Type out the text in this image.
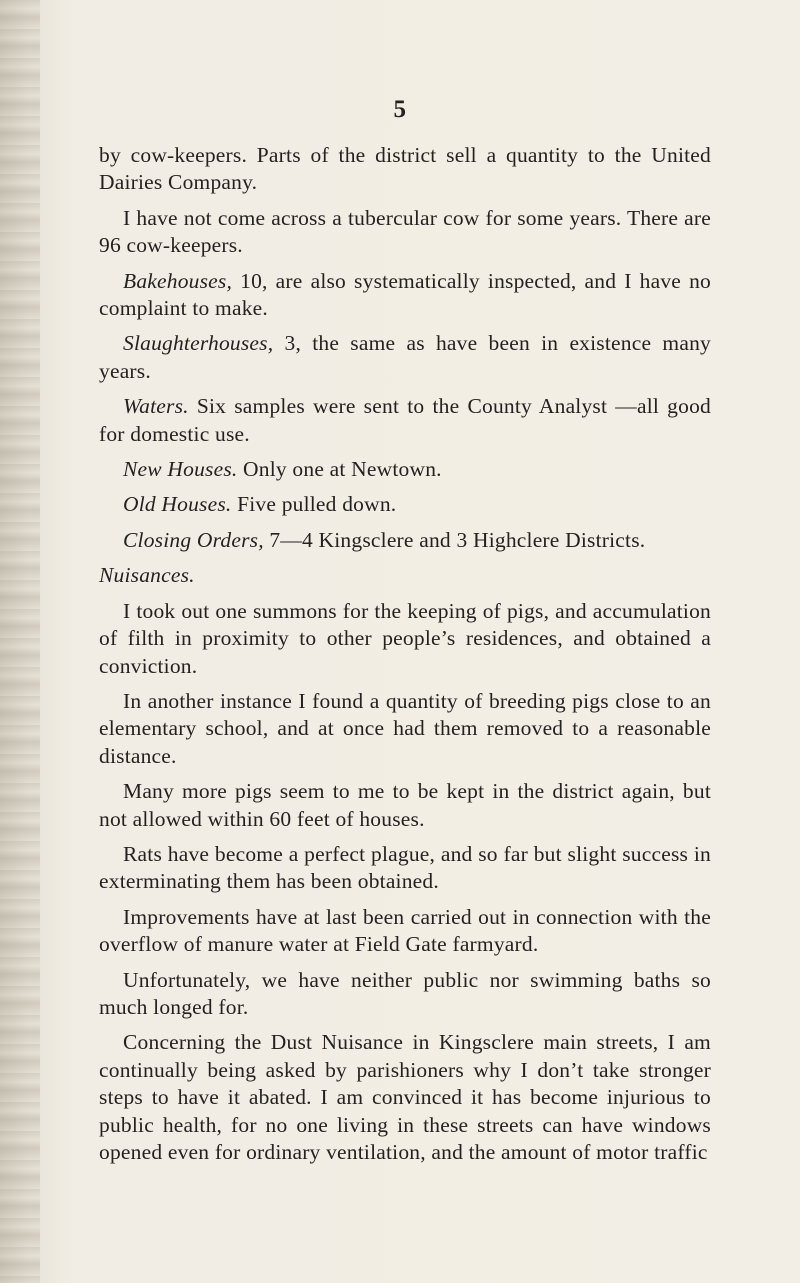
5

by cow-keepers. Parts of the district sell a quantity to the United Dairies Company.

I have not come across a tubercular cow for some years. There are 96 cow-keepers.

Bakehouses, 10, are also systematically inspected, and I have no complaint to make.

Slaughterhouses, 3, the same as have been in existence many years.

Waters. Six samples were sent to the County Analyst —all good for domestic use.

New Houses. Only one at Newtown.

Old Houses. Five pulled down.

Closing Orders, 7—4 Kingsclere and 3 Highclere Districts.

Nuisances.

I took out one summons for the keeping of pigs, and accumulation of filth in proximity to other people’s residences, and obtained a conviction.

In another instance I found a quantity of breeding pigs close to an elementary school, and at once had them removed to a reasonable distance.

Many more pigs seem to me to be kept in the district again, but not allowed within 60 feet of houses.

Rats have become a perfect plague, and so far but slight success in exterminating them has been obtained.

Improvements have at last been carried out in connection with the overflow of manure water at Field Gate farmyard.

Unfortunately, we have neither public nor swimming baths so much longed for.

Concerning the Dust Nuisance in Kingsclere main streets, I am continually being asked by parishioners why I don’t take stronger steps to have it abated. I am convinced it has become injurious to public health, for no one living in these streets can have windows opened even for ordinary ventilation, and the amount of motor traffic
